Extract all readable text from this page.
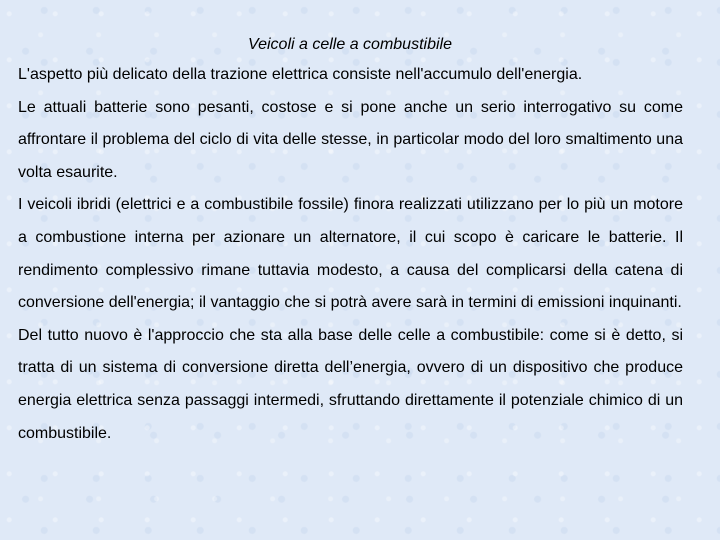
Veicoli a celle a combustibile

L'aspetto più delicato della trazione elettrica consiste nell'accumulo dell'energia.

Le attuali batterie sono pesanti, costose e si pone anche un serio interrogativo su come affrontare il problema del ciclo di vita delle stesse, in particolar modo del loro smaltimento una volta esaurite.

I veicoli ibridi (elettrici e a combustibile fossile) finora realizzati utilizzano per lo più un motore a combustione interna per azionare un alternatore, il cui scopo è caricare le batterie. Il rendimento complessivo rimane tuttavia modesto, a causa del complicarsi della catena di conversione dell'energia; il vantaggio che si potrà avere sarà in termini di emissioni inquinanti.

Del tutto nuovo è l'approccio che sta alla base delle celle a combustibile: come si è detto, si tratta di un sistema di conversione diretta dell’energia, ovvero di un dispositivo che produce energia elettrica senza passaggi intermedi, sfruttando direttamente il potenziale chimico di un combustibile.
